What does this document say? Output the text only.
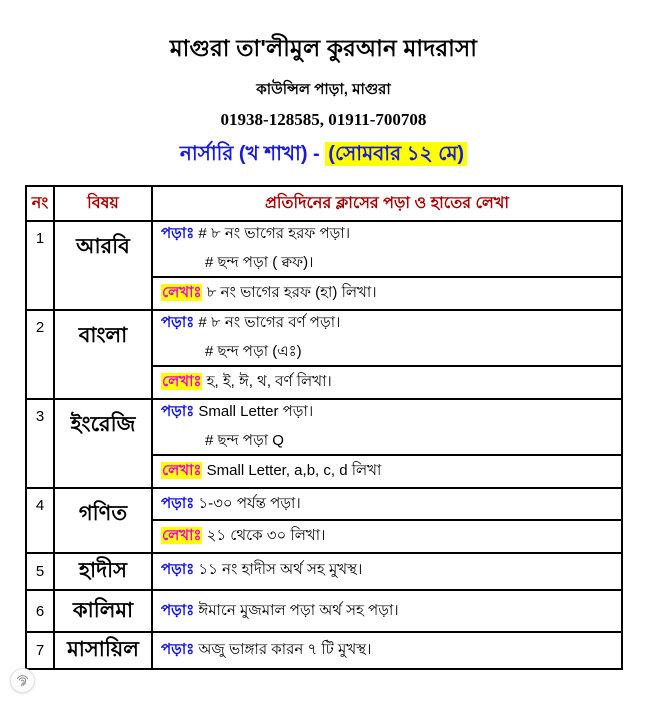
মাগুরা তা'লীমুল কুরআন মাদরাসা
কাউন্সিল পাড়া, মাগুরা
01938-128585, 01911-700708
নার্সারি (খ শাখা) - (সোমবার ১২ মে)
নং	বিষয়	প্রতিদিনের ক্লাসের পড়া ও হাতের লেখা
1	আরবি
পড়াঃ # ৮ নং ভাগের হরফ পড়া।
# ছন্দ পড়া ( ক্বফ)।
লেখাঃ ৮ নং ভাগের হরফ (হা) লিখা।
2	বাংলা
পড়াঃ # ৮ নং ভাগের বর্ণ পড়া।
# ছন্দ পড়া (এঃ)
লেখাঃ হ, ই, ঈ, থ, বর্ণ লিখা।
3	ইংরেজি
পড়াঃ Small Letter পড়া।
# ছন্দ পড়া Q
লেখাঃ Small Letter, a,b, c, d লিখা
4	গণিত	পড়াঃ ১-৩০ পর্যন্ত পড়া।
লেখাঃ ২১ থেকে ৩০ লিখা।
5	হাদীস	পড়াঃ ১১ নং হাদীস অর্থ সহ মুখস্থ।
6	কালিমা	পড়াঃ ঈমানে মুজমাল পড়া অর্থ সহ পড়া।
7	মাসায়িল	পড়াঃ অজু ভাঙ্গার কারন ৭ টি মুখস্থ।
